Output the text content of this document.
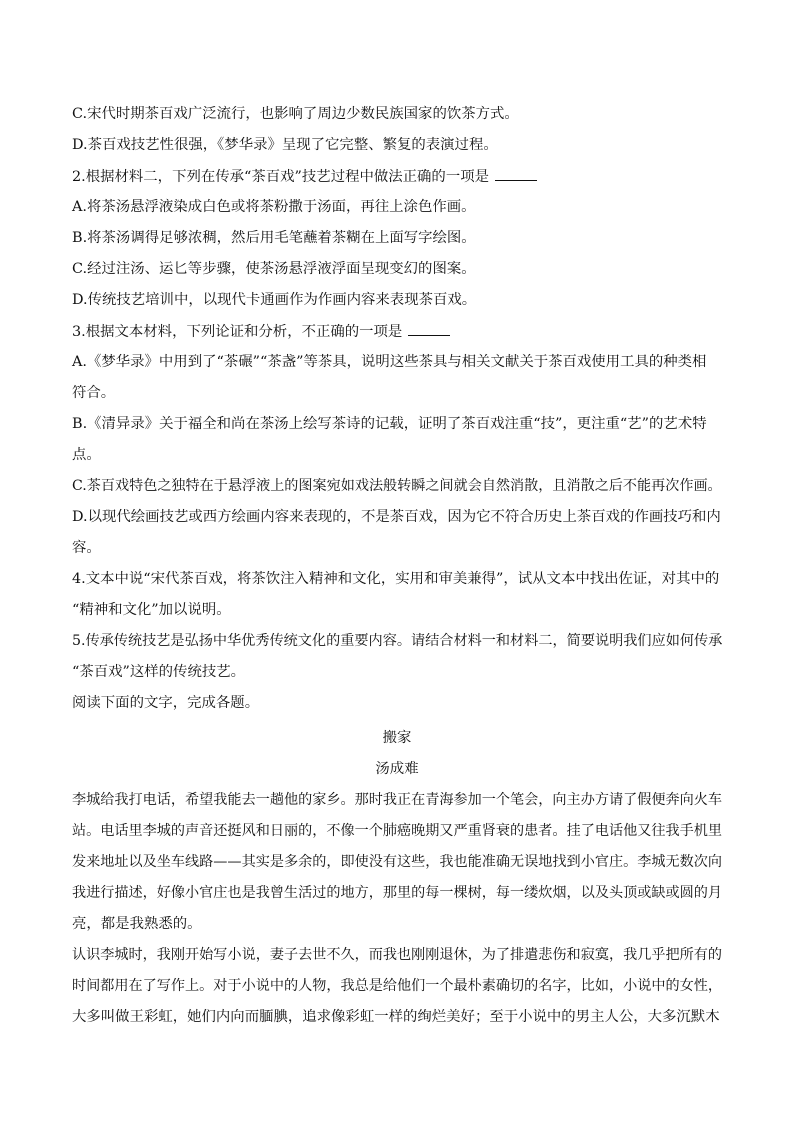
C.宋代时期茶百戏广泛流行，也影响了周边少数民族国家的饮茶方式。
D.茶百戏技艺性很强，《梦华录》呈现了它完整、繁复的表演过程。
2.根据材料二，下列在传承“茶百戏”技艺过程中做法正确的一项是
A.将茶汤悬浮液染成白色或将茶粉撒于汤面，再往上涂色作画。
B.将茶汤调得足够浓稠，然后用毛笔蘸着茶糊在上面写字绘图。
C.经过注汤、运匕等步骤，使茶汤悬浮液浮面呈现变幻的图案。
D.传统技艺培训中，以现代卡通画作为作画内容来表现茶百戏。
3.根据文本材料，下列论证和分析，不正确的一项是
A.《梦华录》中用到了“茶碾”“茶盏”等茶具，说明这些茶具与相关文献关于茶百戏使用工具的种类相
符合。
B.《清异录》关于福全和尚在茶汤上绘写茶诗的记载，证明了茶百戏注重“技”，更注重“艺”的艺术特
点。
C.茶百戏特色之独特在于悬浮液上的图案宛如戏法般转瞬之间就会自然消散，且消散之后不能再次作画。
D.以现代绘画技艺或西方绘画内容来表现的，不是茶百戏，因为它不符合历史上茶百戏的作画技巧和内
容。
4.文本中说“宋代茶百戏，将茶饮注入精神和文化，实用和审美兼得”，试从文本中找出佐证，对其中的
“精神和文化”加以说明。
5.传承传统技艺是弘扬中华优秀传统文化的重要内容。请结合材料一和材料二，简要说明我们应如何传承
“茶百戏”这样的传统技艺。
阅读下面的文字，完成各题。
搬家
汤成难
李城给我打电话，希望我能去一趟他的家乡。那时我正在青海参加一个笔会，向主办方请了假便奔向火车
站。电话里李城的声音还挺风和日丽的，不像一个肺癌晚期又严重肾衰的患者。挂了电话他又往我手机里
发来地址以及坐车线路——其实是多余的，即使没有这些，我也能准确无误地找到小官庄。李城无数次向
我进行描述，好像小官庄也是我曾生活过的地方，那里的每一棵树，每一缕炊烟，以及头顶或缺或圆的月
亮，都是我熟悉的。
认识李城时，我刚开始写小说，妻子去世不久，而我也刚刚退休，为了排遣悲伤和寂寞，我几乎把所有的
时间都用在了写作上。对于小说中的人物，我总是给他们一个最朴素确切的名字，比如，小说中的女性，
大多叫做王彩虹，她们内向而腼腆，追求像彩虹一样的绚烂美好；至于小说中的男主人公，大多沉默木
